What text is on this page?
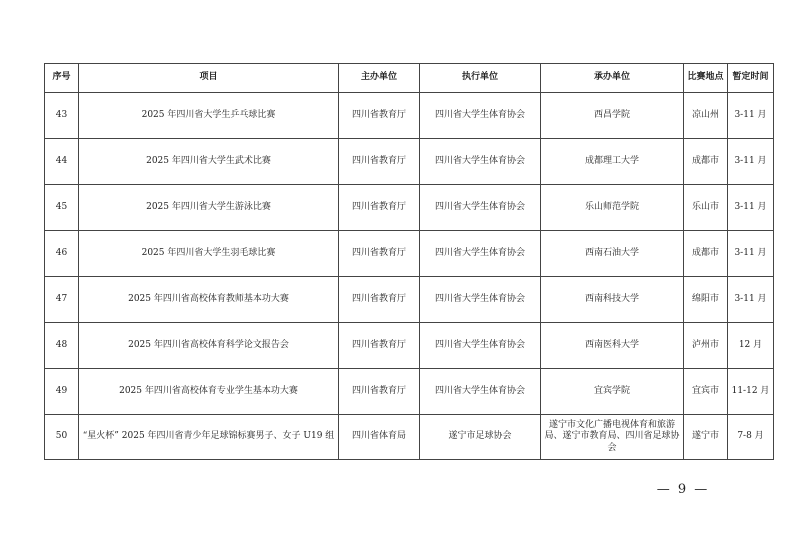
序号	项目	主办单位	执行单位	承办单位	比赛地点	暂定时间
43	2025 年四川省大学生乒乓球比赛	四川省教育厅	四川省大学生体育协会	西昌学院	凉山州	3-11 月
44	2025 年四川省大学生武术比赛	四川省教育厅	四川省大学生体育协会	成都理工大学	成都市	3-11 月
45	2025 年四川省大学生游泳比赛	四川省教育厅	四川省大学生体育协会	乐山师范学院	乐山市	3-11 月
46	2025 年四川省大学生羽毛球比赛	四川省教育厅	四川省大学生体育协会	西南石油大学	成都市	3-11 月
47	2025 年四川省高校体育教师基本功大赛	四川省教育厅	四川省大学生体育协会	西南科技大学	绵阳市	3-11 月
48	2025 年四川省高校体育科学论文报告会	四川省教育厅	四川省大学生体育协会	西南医科大学	泸州市	12 月
49	2025 年四川省高校体育专业学生基本功大赛	四川省教育厅	四川省大学生体育协会	宜宾学院	宜宾市	11-12 月
50	“星火杯” 2025 年四川省青少年足球锦标赛男子、女子 U19 组	四川省体育局	遂宁市足球协会	遂宁市文化广播电视体育和旅游局、遂宁市教育局、四川省足球协会	遂宁市	7-8 月
— 9 —
